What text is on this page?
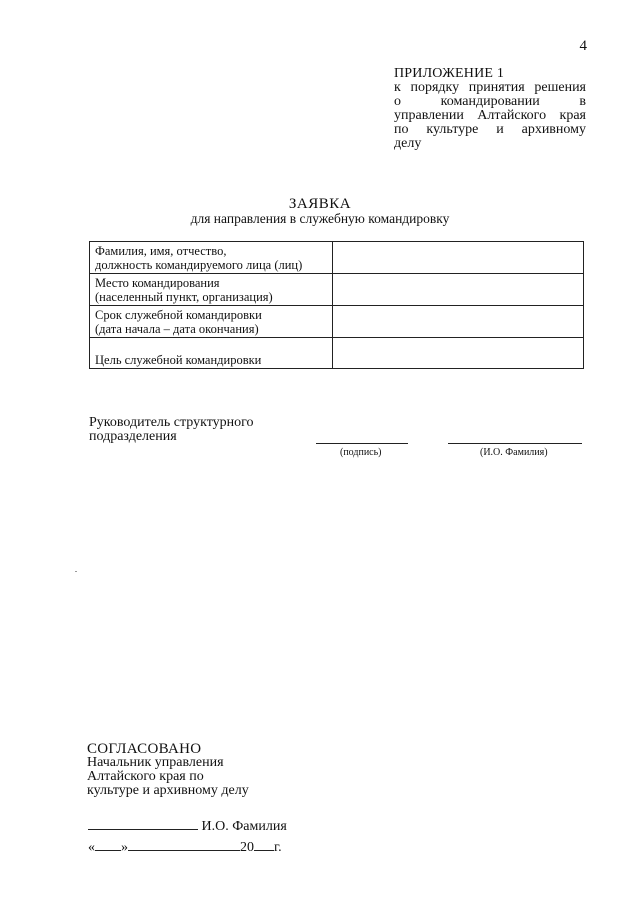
4
ПРИЛОЖЕНИЕ 1
к порядку принятия решения
о командировании в
управлении Алтайского края
по культуре и архивному
делу
ЗАЯВКА
для направления в служебную командировку
Фамилия, имя, отчество,
должность командируемого лица (лиц)	

Место командирования
(населенный пункт, организация)	

Срок служебной командировки
(дата начала – дата окончания)	

Цель служебной командировки	

Руководитель структурного
подразделения
(подпись)	(И.О. Фамилия)
СОГЛАСОВАНО
Начальник управления
Алтайского края по
культуре и архивному делу
И.О. Фамилия
« »	20 г.
